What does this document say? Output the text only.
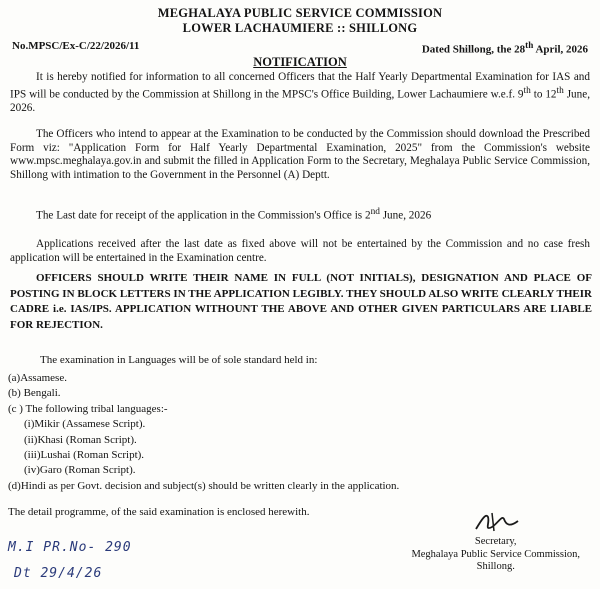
MEGHALAYA PUBLIC SERVICE COMMISSION
LOWER LACHAUMIERE :: SHILLONG
No.MPSC/Ex-C/22/2026/11	Dated Shillong, the 28th April, 2026
NOTIFICATION
It is hereby notified for information to all concerned Officers that the Half Yearly Departmental Examination for IAS and IPS will be conducted by the Commission at Shillong in the MPSC's Office Building, Lower Lachaumiere w.e.f. 9th to 12th June, 2026.
The Officers who intend to appear at the Examination to be conducted by the Commission should download the Prescribed Form viz: "Application Form for Half Yearly Departmental Examination, 2025" from the Commission's website www.mpsc.meghalaya.gov.in and submit the filled in Application Form to the Secretary, Meghalaya Public Service Commission, Shillong with intimation to the Government in the Personnel (A) Deptt.
The Last date for receipt of the application in the Commission's Office is 2nd June, 2026
Applications received after the last date as fixed above will not be entertained by the Commission and no case fresh application will be entertained in the Examination centre.
OFFICERS SHOULD WRITE THEIR NAME IN FULL (NOT INITIALS), DESIGNATION AND PLACE OF POSTING IN BLOCK LETTERS IN THE APPLICATION LEGIBLY. THEY SHOULD ALSO WRITE CLEARLY THEIR CADRE i.e. IAS/IPS. APPLICATION WITHOUNT THE ABOVE AND OTHER GIVEN PARTICULARS ARE LIABLE FOR REJECTION.
The examination in Languages will be of sole standard held in:
(a)Assamese.
(b) Bengali.
(c ) The following tribal languages:-
(i)Mikir (Assamese Script).
(ii)Khasi (Roman Script).
(iii)Lushai (Roman Script).
(iv)Garo (Roman Script).
(d)Hindi as per Govt. decision and subject(s) should be written clearly in the application.
The detail programme, of the said examination is enclosed herewith.
Secretary,
Meghalaya Public Service Commission,
Shillong.
M.I PR.No- 290
Dt 29/4/26
